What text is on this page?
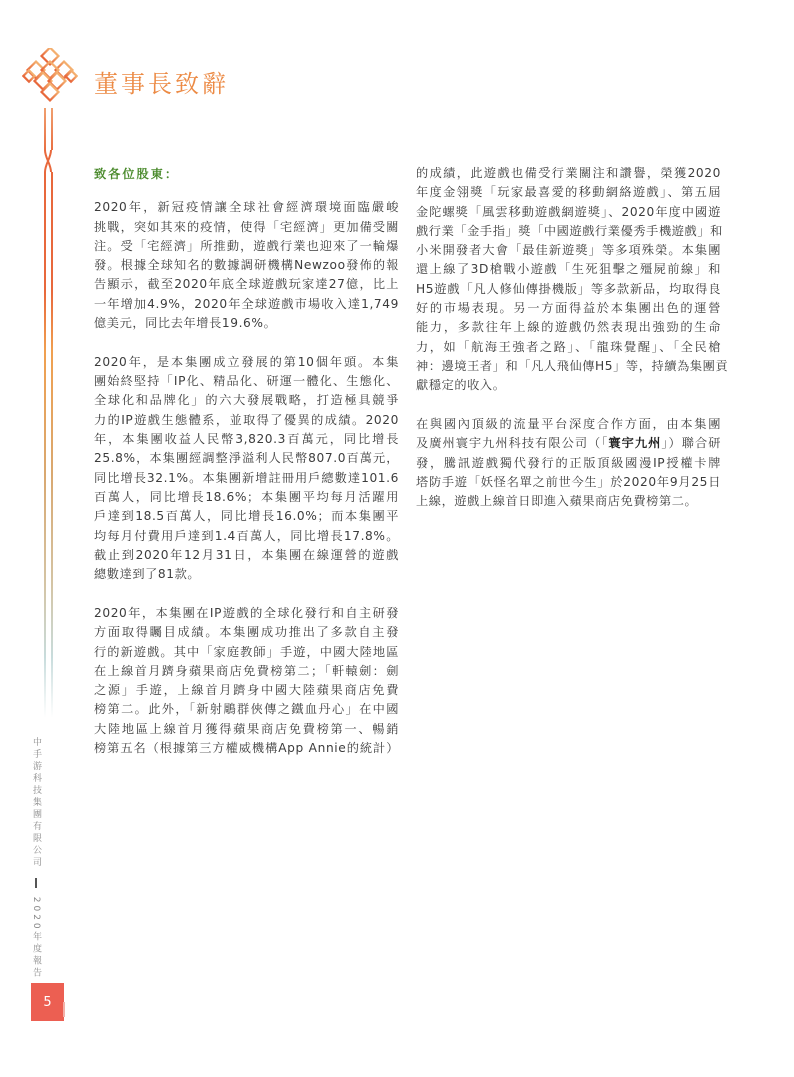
董事長致辭
致各位股東：
2020年，新冠疫情讓全球社會經濟環境面臨嚴峻
挑戰，突如其來的疫情，使得「宅經濟」更加備受關
注。受「宅經濟」所推動，遊戲行業也迎來了一輪爆
發。根據全球知名的數據調研機構Newzoo發佈的報
告顯示，截至2020年底全球遊戲玩家達27億，比上
一年增加4.9%，2020年全球遊戲市場收入達1,749
億美元，同比去年增長19.6%。
2020年，是本集團成立發展的第10個年頭。本集
團始終堅持「IP化、精品化、研運一體化、生態化、
全球化和品牌化」的六大發展戰略，打造極具競爭
力的IP遊戲生態體系，並取得了優異的成績。2020
年，本集團收益人民幣3,820.3百萬元，同比增長
25.8%，本集團經調整淨溢利人民幣807.0百萬元，
同比增長32.1%。本集團新增註冊用戶總數達101.6
百萬人，同比增長18.6%；本集團平均每月活躍用
戶達到18.5百萬人，同比增長16.0%；而本集團平
均每月付費用戶達到1.4百萬人，同比增長17.8%。
截止到2020年12月31日，本集團在線運營的遊戲
總數達到了81款。
2020年，本集團在IP遊戲的全球化發行和自主研發
方面取得矚目成績。本集團成功推出了多款自主發
行的新遊戲。其中「家庭教師」手遊，中國大陸地區
在上線首月躋身蘋果商店免費榜第二；「軒轅劍：劍
之源」手遊，上線首月躋身中國大陸蘋果商店免費
榜第二。此外，「新射鵰群俠傳之鐵血丹心」在中國
大陸地區上線首月獲得蘋果商店免費榜第一、暢銷
榜第五名（根據第三方權威機構App Annie的統計）
的成績，此遊戲也備受行業關注和讚譽，榮獲2020
年度金翎獎「玩家最喜愛的移動網絡遊戲」、第五屆
金陀螺獎「風雲移動遊戲網遊獎」、2020年度中國遊
戲行業「金手指」獎「中國遊戲行業優秀手機遊戲」和
小米開發者大會「最佳新遊獎」等多項殊榮。本集團
還上線了3D槍戰小遊戲「生死狙擊之殭屍前線」和
H5遊戲「凡人修仙傳掛機版」等多款新品，均取得良
好的市場表現。另一方面得益於本集團出色的運營
能力，多款往年上線的遊戲仍然表現出強勁的生命
力，如「航海王強者之路」、「龍珠覺醒」、「全民槍
神：邊境王者」和「凡人飛仙傳H5」等，持續為集團貢
獻穩定的收入。
在與國內頂級的流量平台深度合作方面，由本集團
及廣州寰宇九州科技有限公司（「寰宇九州」）聯合研
發，騰訊遊戲獨代發行的正版頂級國漫IP授權卡牌
塔防手遊「妖怪名單之前世今生」於2020年9月25日
上線，遊戲上線首日即進入蘋果商店免費榜第二。
中手游科技集團有限公司  2020年度報告
5
